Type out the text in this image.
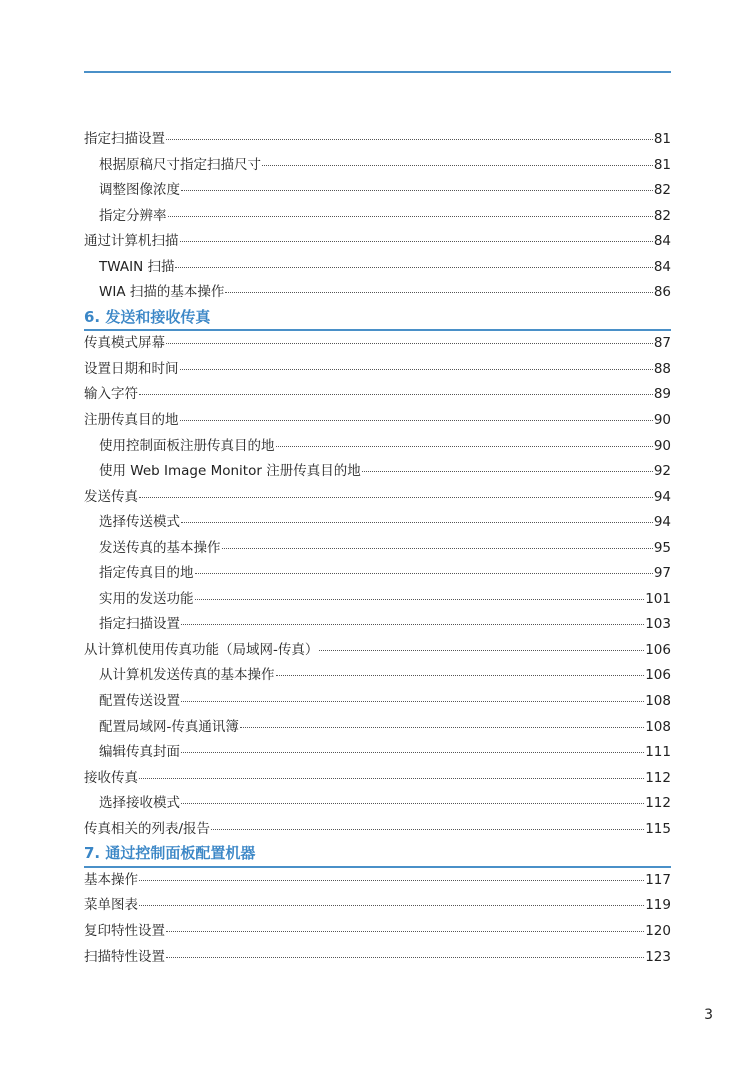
指定扫描设置	81
根据原稿尺寸指定扫描尺寸	81
调整图像浓度	82
指定分辨率	82
通过计算机扫描	84
TWAIN 扫描	84
WIA 扫描的基本操作	86
6. 发送和接收传真
传真模式屏幕	87
设置日期和时间	88
输入字符	89
注册传真目的地	90
使用控制面板注册传真目的地	90
使用 Web Image Monitor 注册传真目的地	92
发送传真	94
选择传送模式	94
发送传真的基本操作	95
指定传真目的地	97
实用的发送功能	101
指定扫描设置	103
从计算机使用传真功能（局域网-传真）	106
从计算机发送传真的基本操作	106
配置传送设置	108
配置局域网-传真通讯簿	108
编辑传真封面	111
接收传真	112
选择接收模式	112
传真相关的列表/报告	115
7. 通过控制面板配置机器
基本操作	117
菜单图表	119
复印特性设置	120
扫描特性设置	123
3
